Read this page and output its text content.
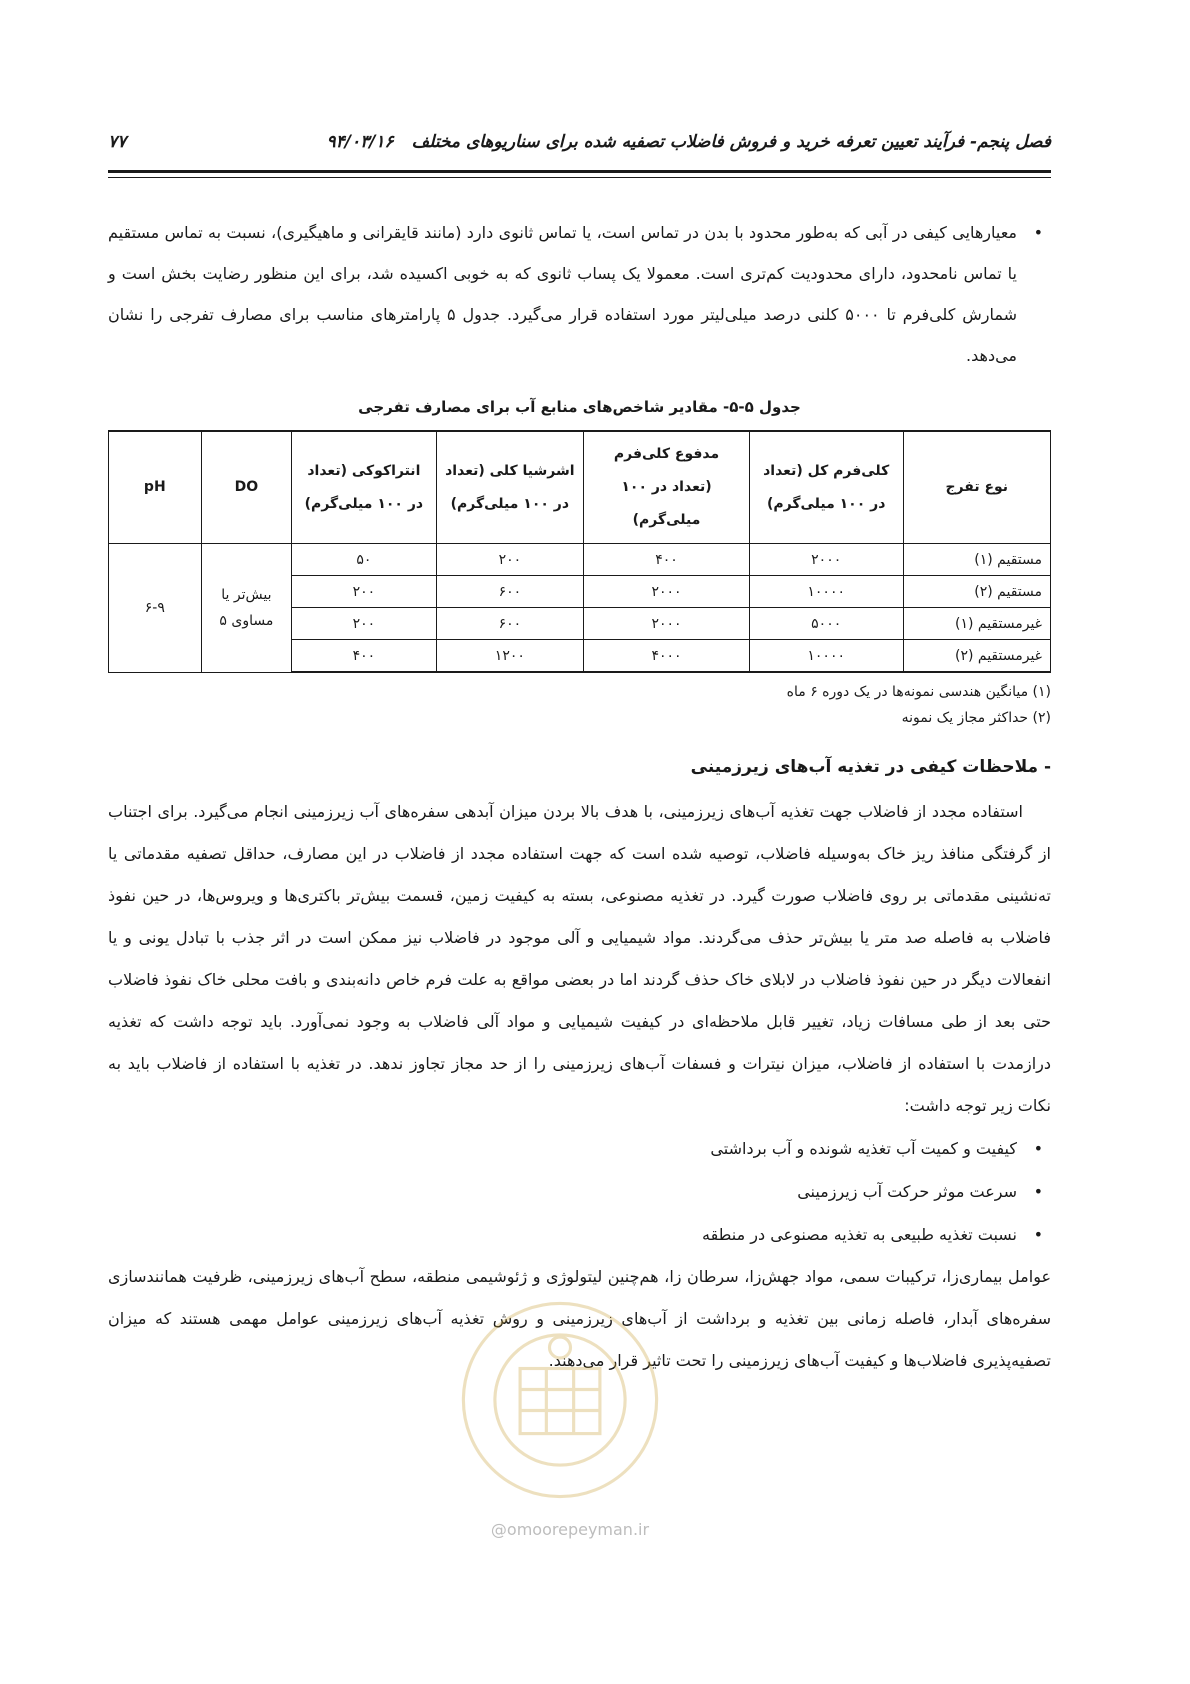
فصل پنجم- فرآیند تعیین تعرفه خرید و فروش فاضلاب تصفیه شده برای سناریوهای مختلف ۹۴/۰۳/۱۶
۷۷
• معیارهایی کیفی در آبی که به‌طور محدود با بدن در تماس است، یا تماس ثانوی دارد (مانند قایقرانی و ماهیگیری)، نسبت به تماس مستقیم یا تماس نامحدود، دارای محدودیت کم‌تری است. معمولا یک پساب ثانوی که به خوبی اکسیده شد، برای این منظور رضایت بخش است و شمارش کلی‌فرم تا ۵۰۰۰ کلنی درصد میلی‌لیتر مورد استفاده قرار می‌گیرد. جدول ۵ پارامترهای مناسب برای مصارف تفرجی را نشان می‌دهد.
جدول ۵-۵- مقادیر شاخص‌های منابع آب برای مصارف تفرجی
نوع تفرج	کلی‌فرم کل (تعداد در ۱۰۰ میلی‌گرم)	مدفوع کلی‌فرم (تعداد در ۱۰۰ میلی‌گرم)	اشرشیا کلی (تعداد در ۱۰۰ میلی‌گرم)	انتراکوکی (تعداد در ۱۰۰ میلی‌گرم)	DO	pH
مستقیم (۱)	۲۰۰۰	۴۰۰	۲۰۰	۵۰	بیش‌تر یا مساوی ۵	۶-۹
مستقیم (۲)	۱۰۰۰۰	۲۰۰۰	۶۰۰	۲۰۰		
غیرمستقیم (۱)	۵۰۰۰	۲۰۰۰	۶۰۰	۲۰۰		
غیرمستقیم (۲)	۱۰۰۰۰	۴۰۰۰	۱۲۰۰	۴۰۰		
(۱) میانگین هندسی نمونه‌ها در یک دوره ۶ ماه
(۲) حداکثر مجاز یک نمونه
- ملاحظات کیفی در تغذیه آب‌های زیرزمینی

استفاده مجدد از فاضلاب جهت تغذیه آب‌های زیرزمینی، با هدف بالا بردن میزان آبدهی سفره‌های آب زیرزمینی انجام می‌گیرد. برای اجتناب از گرفتگی منافذ ریز خاک به‌وسیله فاضلاب، توصیه شده است که جهت استفاده مجدد از فاضلاب در این مصارف، حداقل تصفیه مقدماتی یا ته‌نشینی مقدماتی بر روی فاضلاب صورت گیرد. در تغذیه مصنوعی، بسته به کیفیت زمین، قسمت بیش‌تر باکتری‌ها و ویروس‌ها، در حین نفوذ فاضلاب به فاصله صد متر یا بیش‌تر حذف می‌گردند. مواد شیمیایی و آلی موجود در فاضلاب نیز ممکن است در اثر جذب با تبادل یونی و یا انفعالات دیگر در حین نفوذ فاضلاب در لابلای خاک حذف گردند اما در بعضی مواقع به علت فرم خاص دانه‌بندی و بافت محلی خاک نفوذ فاضلاب حتی بعد از طی مسافات زیاد، تغییر قابل ملاحظه‌ای در کیفیت شیمیایی و مواد آلی فاضلاب به وجود نمی‌آورد. باید توجه داشت که تغذیه درازمدت با استفاده از فاضلاب، میزان نیترات و فسفات آب‌های زیرزمینی را از حد مجاز تجاوز ندهد. در تغذیه با استفاده از فاضلاب باید به نکات زیر توجه داشت:

• کیفیت و کمیت آب تغذیه شونده و آب برداشتی
• سرعت موثر حرکت آب زیرزمینی
• نسبت تغذیه طبیعی به تغذیه مصنوعی در منطقه

عوامل بیماری‌زا، ترکیبات سمی، مواد جهش‌زا، سرطان زا، هم‌چنین لیتولوژی و ژئوشیمی منطقه، سطح آب‌های زیرزمینی، ظرفیت همانندسازی سفره‌های آبدار، فاصله زمانی بین تغذیه و برداشت از آب‌های زیرزمینی و روش تغذیه آب‌های زیرزمینی عوامل مهمی هستند که میزان تصفیه‌پذیری فاضلاب‌ها و کیفیت آب‌های زیرزمینی را تحت تاثیر قرار می‌دهند.

@omoorepeyman.ir
